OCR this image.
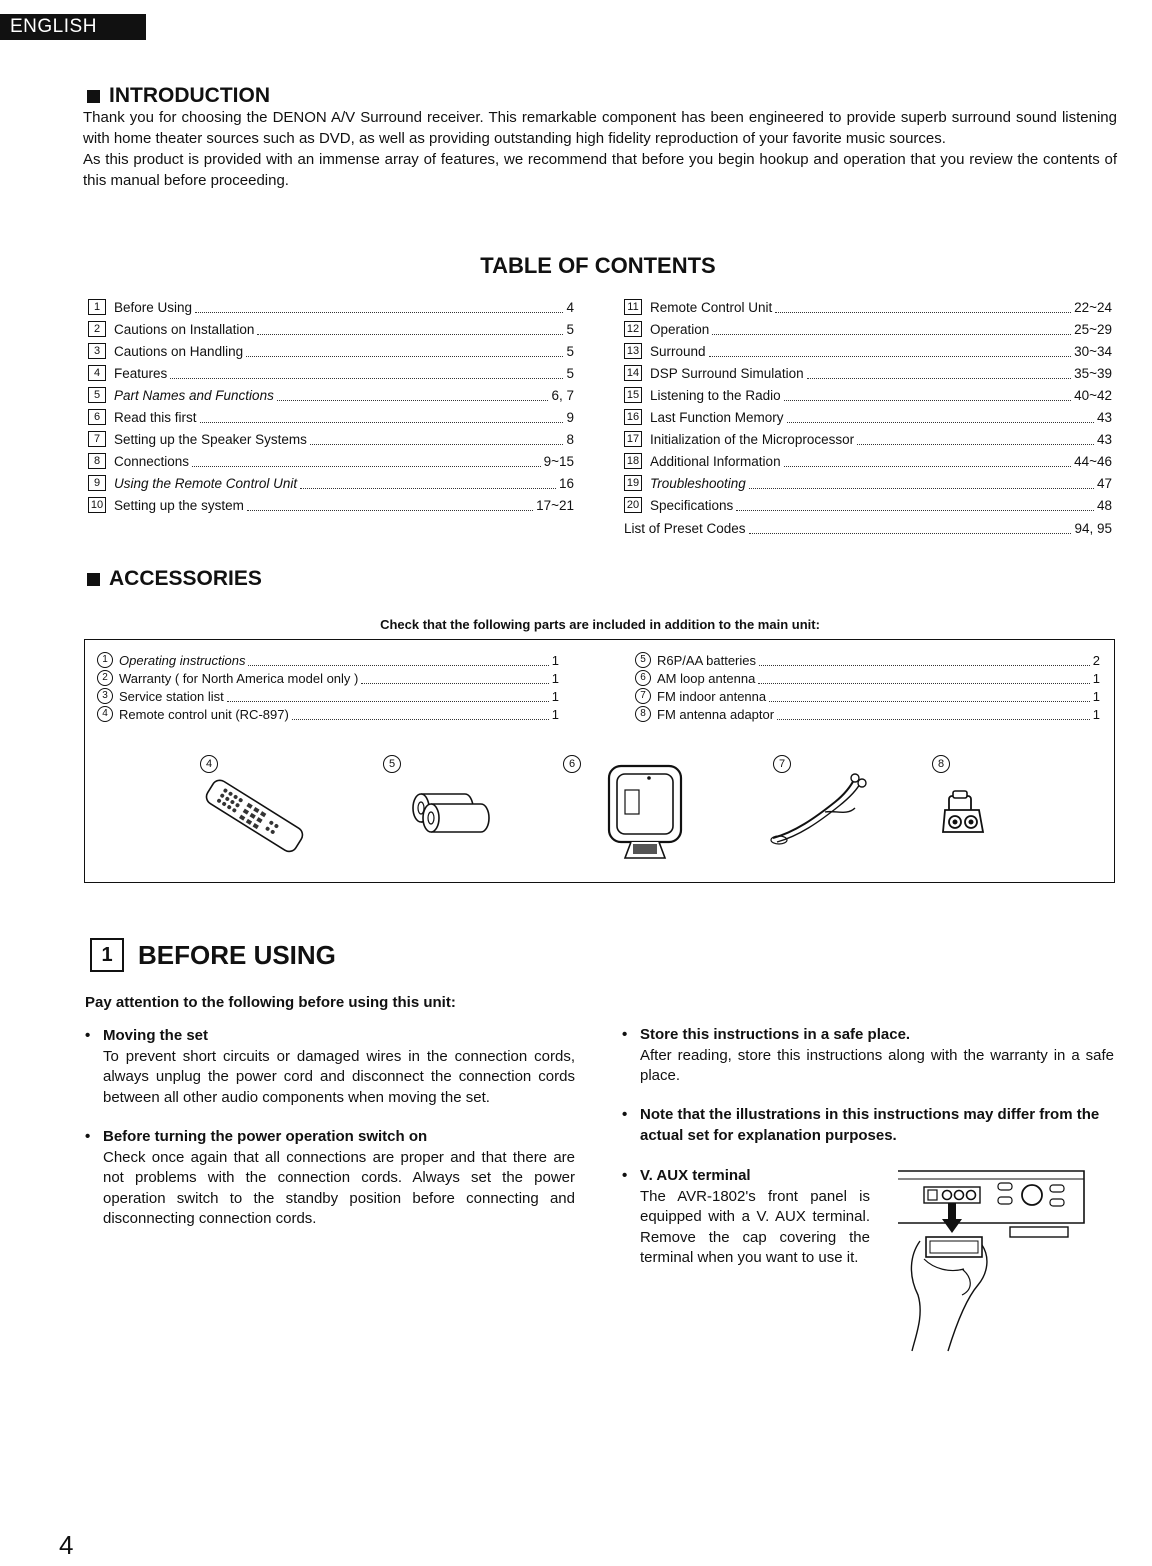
ENGLISH
INTRODUCTION

Thank you for choosing the DENON A/V Surround receiver. This remarkable component has been engineered to provide superb surround sound listening with home theater sources such as DVD, as well as providing outstanding high fidelity reproduction of your favorite music sources.

As this product is provided with an immense array of features, we recommend that before you begin hookup and operation that you review the contents of this manual before proceeding.

TABLE OF CONTENTS
1	Before Using	4
2	Cautions on Installation	5
3	Cautions on Handling	5
4	Features	5
5	Part Names and Functions	6, 7
6	Read this first	9
7	Setting up the Speaker Systems	8
8	Connections	9~15
9	Using the Remote Control Unit	16
10 Setting up the system	17~21
11 Remote Control Unit	22~24
12 Operation	25~29
13 Surround	30~34
14 DSP Surround Simulation	35~39
15 Listening to the Radio	40~42
16 Last Function Memory	43
17 Initialization of the Microprocessor	43
18 Additional Information	44~46
19 Troubleshooting	47
20 Specifications	48
List of Preset Codes	94, 95
ACCESSORIES
Check that the following parts are included in addition to the main unit:
1 Operating instructions	1
2 Warranty ( for North America model only )	1
3 Service station list	1
4 Remote control unit (RC-897)	1
5 R6P/AA batteries	2
6 AM loop antenna	1
7 FM indoor antenna	1
8 FM antenna adaptor	1
4	5	6	7	8
1 BEFORE USING
Pay attention to the following before using this unit:
• Moving the set
To prevent short circuits or damaged wires in the connection cords, always unplug the power cord and disconnect the connection cords between all other audio components when moving the set.
• Before turning the power operation switch on
Check once again that all connections are proper and that there are not problems with the connection cords. Always set the power operation switch to the standby position before connecting and disconnecting connection cords.
• Store this instructions in a safe place.
After reading, store this instructions along with the warranty in a safe place.
• Note that the illustrations in this instructions may differ from the actual set for explanation purposes.
• V. AUX terminal
The AVR-1802's front panel is equipped with a V. AUX terminal. Remove the cap covering the terminal when you want to use it.
4
